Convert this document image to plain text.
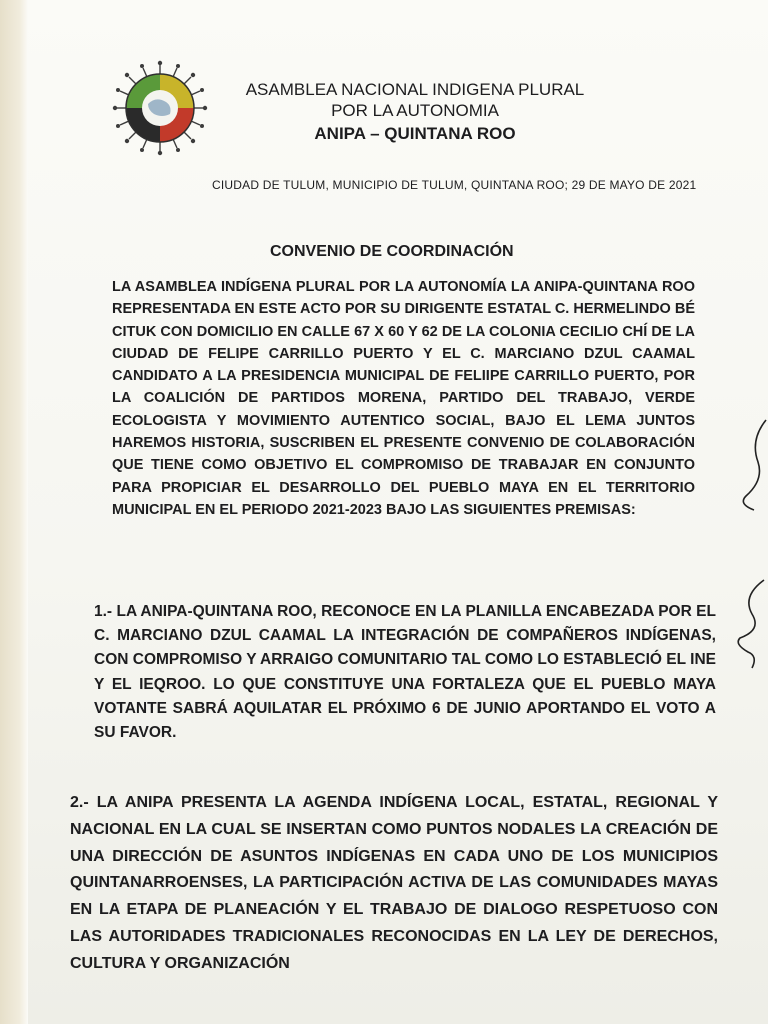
ASAMBLEA NACIONAL INDIGENA PLURAL
POR LA AUTONOMIA
ANIPA – QUINTANA ROO
CIUDAD DE TULUM, MUNICIPIO DE TULUM, QUINTANA ROO; 29 DE MAYO DE 2021
CONVENIO DE COORDINACIÓN

LA ASAMBLEA INDÍGENA PLURAL POR LA AUTONOMÍA LA ANIPA-QUINTANA ROO REPRESENTADA EN ESTE ACTO POR SU DIRIGENTE ESTATAL C. HERMELINDO BÉ CITUK CON DOMICILIO EN CALLE 67 X 60 Y 62 DE LA COLONIA CECILIO CHÍ DE LA CIUDAD DE FELIPE CARRILLO PUERTO Y EL C. MARCIANO DZUL CAAMAL CANDIDATO A LA PRESIDENCIA MUNICIPAL DE FELIIPE CARRILLO PUERTO, POR LA COALICIÓN DE PARTIDOS MORENA, PARTIDO DEL TRABAJO, VERDE ECOLOGISTA Y MOVIMIENTO AUTENTICO SOCIAL, BAJO EL LEMA JUNTOS HAREMOS HISTORIA, SUSCRIBEN EL PRESENTE CONVENIO DE COLABORACIÓN QUE TIENE COMO OBJETIVO EL COMPROMISO DE TRABAJAR EN CONJUNTO PARA PROPICIAR EL DESARROLLO DEL PUEBLO MAYA EN EL TERRITORIO MUNICIPAL EN EL PERIODO 2021-2023 BAJO LAS SIGUIENTES PREMISAS:

1.- LA ANIPA-QUINTANA ROO, RECONOCE EN LA PLANILLA ENCABEZADA POR EL C. MARCIANO DZUL CAAMAL LA INTEGRACIÓN DE COMPAÑEROS INDÍGENAS, CON COMPROMISO Y ARRAIGO COMUNITARIO TAL COMO LO ESTABLECIÓ EL INE Y EL IEQROO. LO QUE CONSTITUYE UNA FORTALEZA QUE EL PUEBLO MAYA VOTANTE SABRÁ AQUILATAR EL PRÓXIMO 6 DE JUNIO APORTANDO EL VOTO A SU FAVOR.

2.- LA ANIPA PRESENTA LA AGENDA INDÍGENA LOCAL, ESTATAL, REGIONAL Y NACIONAL EN LA CUAL SE INSERTAN COMO PUNTOS NODALES LA CREACIÓN DE UNA DIRECCIÓN DE ASUNTOS INDÍGENAS EN CADA UNO DE LOS MUNICIPIOS QUINTANARROENSES, LA PARTICIPACIÓN ACTIVA DE LAS COMUNIDADES MAYAS EN LA ETAPA DE PLANEACIÓN Y EL TRABAJO DE DIALOGO RESPETUOSO CON LAS AUTORIDADES TRADICIONALES RECONOCIDAS EN LA LEY DE DERECHOS, CULTURA Y ORGANIZACIÓN
